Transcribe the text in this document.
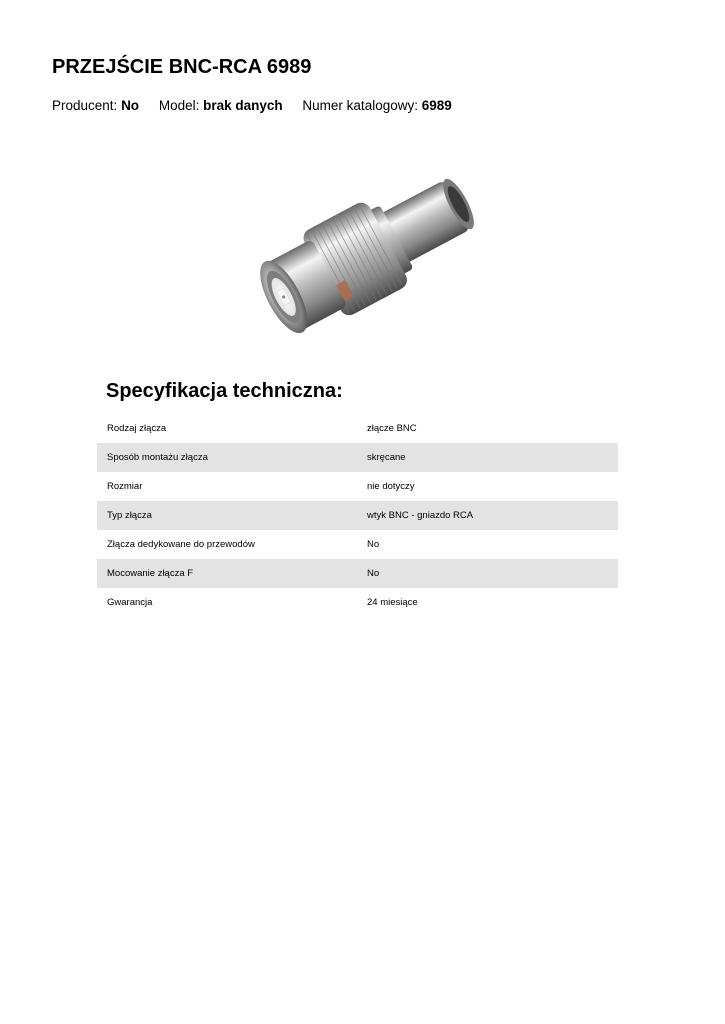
PRZEJŚCIE BNC-RCA 6989
Producent: No Model: brak danych Numer katalogowy: 6989
Specyfikacja techniczna:
Rodzaj złącza	złącze BNC
Sposób montażu złącza	skręcane
Rozmiar	nie dotyczy
Typ złącza	wtyk BNC - gniazdo RCA
Złącza dedykowane do przewodów	No
Mocowanie złącza F	No
Gwarancja	24 miesiące
